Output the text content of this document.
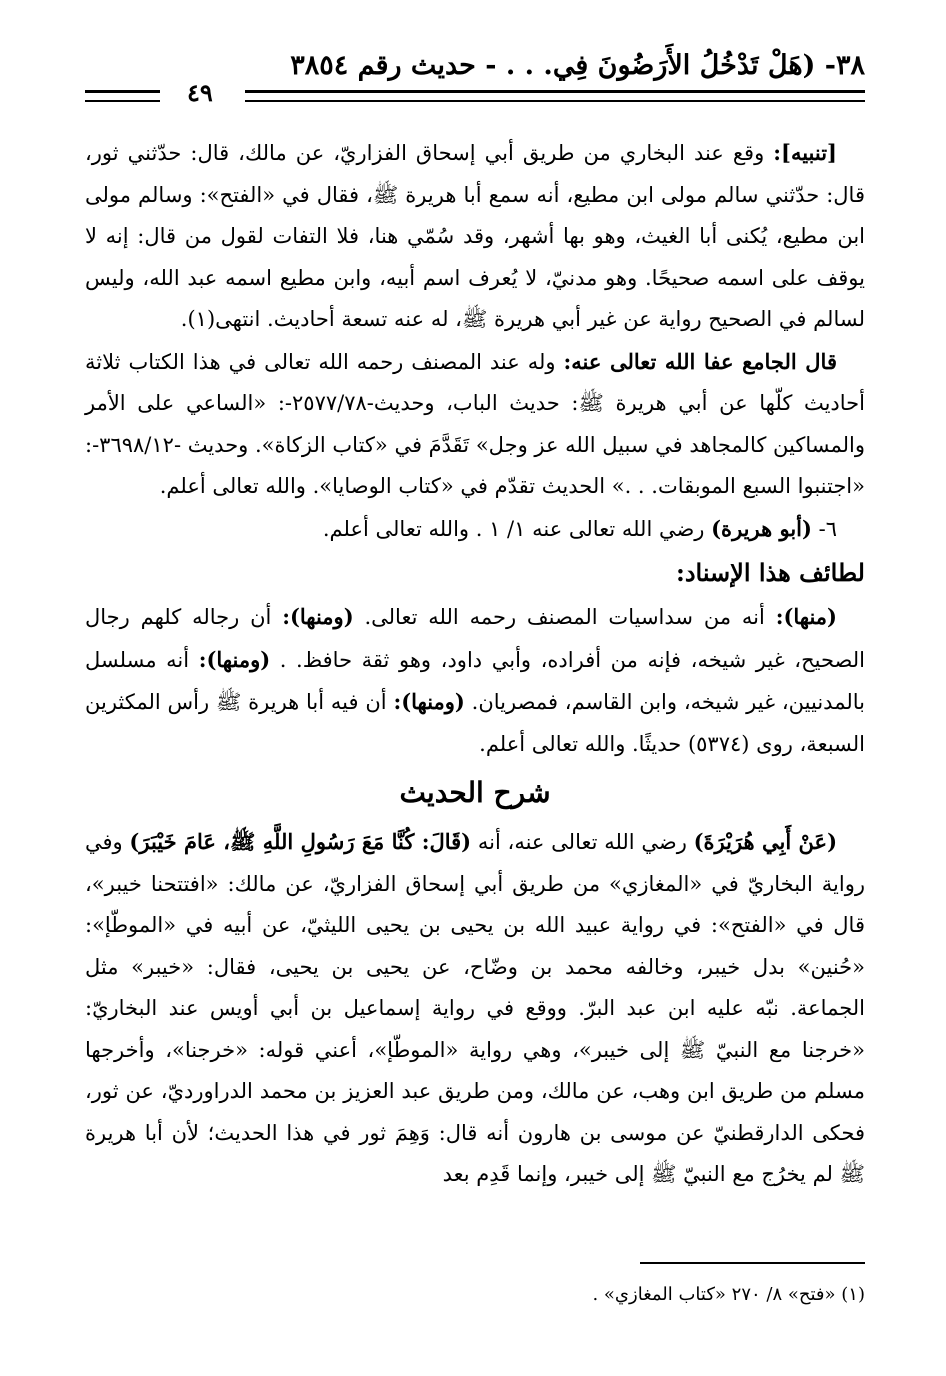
٣٨- (هَلْ تَدْخُلُ الأَرَضُونَ فِي. . . - حديث رقم ٣٨٥٤
٤٩

[تنبيه]: وقع عند البخاري من طريق أبي إسحاق الفزاريّ، عن مالك، قال: حدّثني ثور، قال: حدّثني سالم مولى ابن مطيع، أنه سمع أبا هريرة ﷺ، فقال في «الفتح»: وسالم مولى ابن مطيع، يُكنى أبا الغيث، وهو بها أشهر، وقد سُمّي هنا، فلا التفات لقول من قال: إنه لا يوقف على اسمه صحيحًا. وهو مدنيّ، لا يُعرف اسم أبيه، وابن مطيع اسمه عبد الله، وليس لسالم في الصحيح رواية عن غير أبي هريرة ﷺ، له عنه تسعة أحاديث. انتهى(١).

قال الجامع عفا الله تعالى عنه: وله عند المصنف رحمه الله تعالى في هذا الكتاب ثلاثة أحاديث كلّها عن أبي هريرة ﷺ: حديث الباب، وحديث-٢٥٧٧/٧٨-: «الساعي على الأمر والمساكين كالمجاهد في سبيل الله عز وجل» تَقَدَّمَ في «كتاب الزكاة». وحديث -٣٦٩٨/١٢-: «اجتنبوا السبع الموبقات. . .» الحديث تقدّم في «كتاب الوصايا». والله تعالى أعلم.

٦- (أبو هريرة) رضي الله تعالى عنه ١/ ١ . والله تعالى أعلم.

لطائف هذا الإسناد:

(منها): أنه من سداسيات المصنف رحمه الله تعالى. (ومنها): أن رجاله كلهم رجال الصحيح، غير شيخه، فإنه من أفراده، وأبي داود، وهو ثقة حافظ. . (ومنها): أنه مسلسل بالمدنيين، غير شيخه، وابن القاسم، فمصريان. (ومنها): أن فيه أبا هريرة ﷺ رأس المكثرين السبعة، روى (٥٣٧٤) حديثًا. والله تعالى أعلم.

شرح الحديث

(عَنْ أَبِي هُرَيْرَةَ) رضي الله تعالى عنه، أنه (قَالَ: كُنَّا مَعَ رَسُولِ اللَّهِ ﷺ، عَامَ خَيْبَرَ) وفي رواية البخاريّ في «المغازي» من طريق أبي إسحاق الفزاريّ، عن مالك: «افتتحنا خيبر»، قال في «الفتح»: في رواية عبيد الله بن يحيى بن يحيى الليثيّ، عن أبيه في «الموطّإ»: «حُنين» بدل خيبر، وخالفه محمد بن وضّاح، عن يحيى بن يحيى، فقال: «خيبر» مثل الجماعة. نبّه عليه ابن عبد البرّ. ووقع في رواية إسماعيل بن أبي أويس عند البخاريّ: «خرجنا مع النبيّ ﷺ إلى خيبر»، وهي رواية «الموطّإ»، أعني قوله: «خرجنا»، وأخرجها مسلم من طريق ابن وهب، عن مالك، ومن طريق عبد العزيز بن محمد الدراورديّ، عن ثور، فحكى الدارقطنيّ عن موسى بن هارون أنه قال: وَهِمَ ثور في هذا الحديث؛ لأن أبا هريرة ﷺ لم يخرُج مع النبيّ ﷺ إلى خيبر، وإنما قَدِم بعد

(١) «فتح» ٨/ ٢٧٠ «كتاب المغازي» .
